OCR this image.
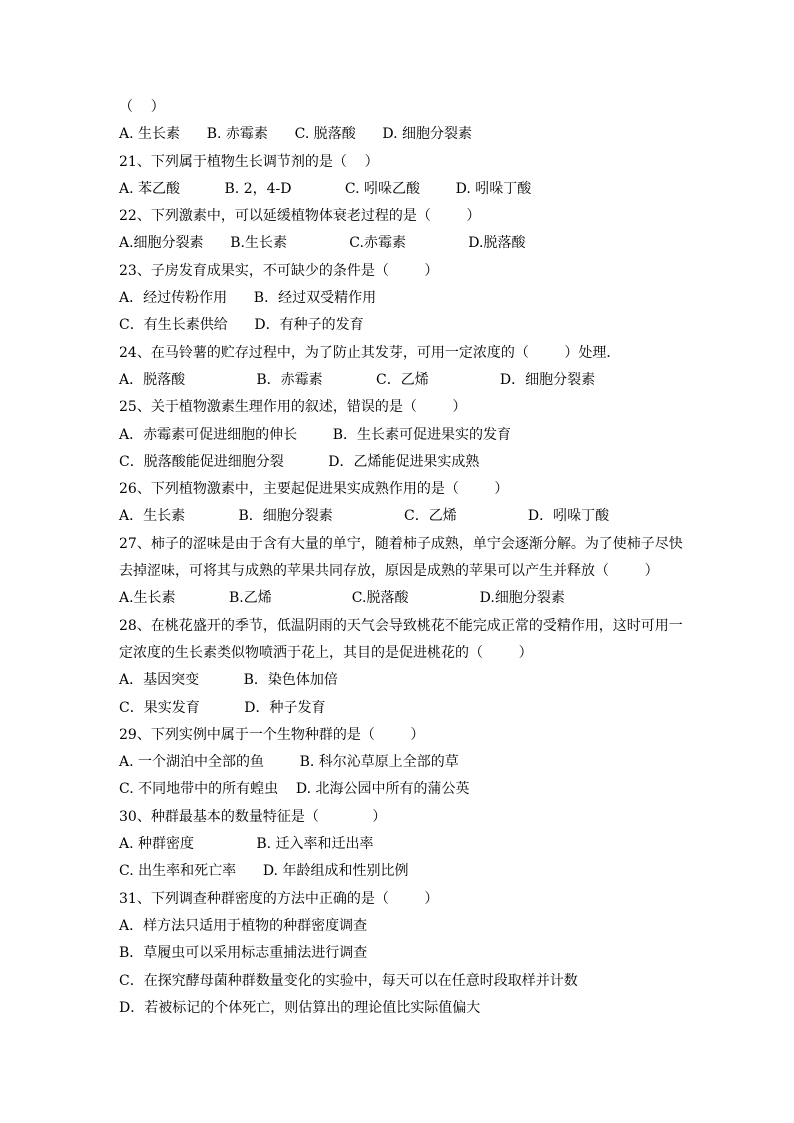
（    ）
A. 生长素      B. 赤霉素      C. 脱落酸      D. 细胞分裂素
21、下列属于植物生长调节剂的是（    ）
A. 苯乙酸          B. 2，4-D            C. 吲哚乙酸        D. 吲哚丁酸
22、下列激素中，可以延缓植物体衰老过程的是（        ）
A.细胞分裂素      B.生长素              C.赤霉素              D.脱落酸
23、子房发育成果实，不可缺少的条件是（        ）
A．经过传粉作用      B．经过双受精作用
C．有生长素供给      D．有种子的发育
24、在马铃薯的贮存过程中，为了防止其发芽，可用一定浓度的（        ）处理．
A．脱落酸                B．赤霉素            C．乙烯                D．细胞分裂素
25、关于植物激素生理作用的叙述，错误的是（        ）
A．赤霉素可促进细胞的伸长        B．生长素可促进果实的发育
C．脱落酸能促进细胞分裂          D．乙烯能促进果实成熟
26、下列植物激素中，主要起促进果实成熟作用的是（        ）
A．生长素            B．细胞分裂素                C．乙烯                D．吲哚丁酸
27、柿子的涩味是由于含有大量的单宁，随着柿子成熟，单宁会逐渐分解。为了使柿子尽快
去掉涩味，可将其与成熟的苹果共同存放，原因是成熟的苹果可以产生并释放（        ）
A.生长素            B.乙烯                  C.脱落酸                D.细胞分裂素
28、在桃花盛开的季节，低温阴雨的天气会导致桃花不能完成正常的受精作用，这时可用一
定浓度的生长素类似物喷洒于花上，其目的是促进桃花的（        ）
A．基因突变          B．染色体加倍
C．果实发育          D．种子发育
29、下列实例中属于一个生物种群的是（        ）
A. 一个湖泊中全部的鱼        B. 科尔沁草原上全部的草
C. 不同地带中的所有蝗虫    D. 北海公园中所有的蒲公英
30、种群最基本的数量特征是（            ）
A. 种群密度              B. 迁入率和迁出率
C. 出生率和死亡率      D. 年龄组成和性别比例
31、下列调查种群密度的方法中正确的是（        ）
A．样方法只适用于植物的种群密度调查
B．草履虫可以采用标志重捕法进行调查
C．在探究酵母菌种群数量变化的实验中，每天可以在任意时段取样并计数
D．若被标记的个体死亡，则估算出的理论值比实际值偏大
